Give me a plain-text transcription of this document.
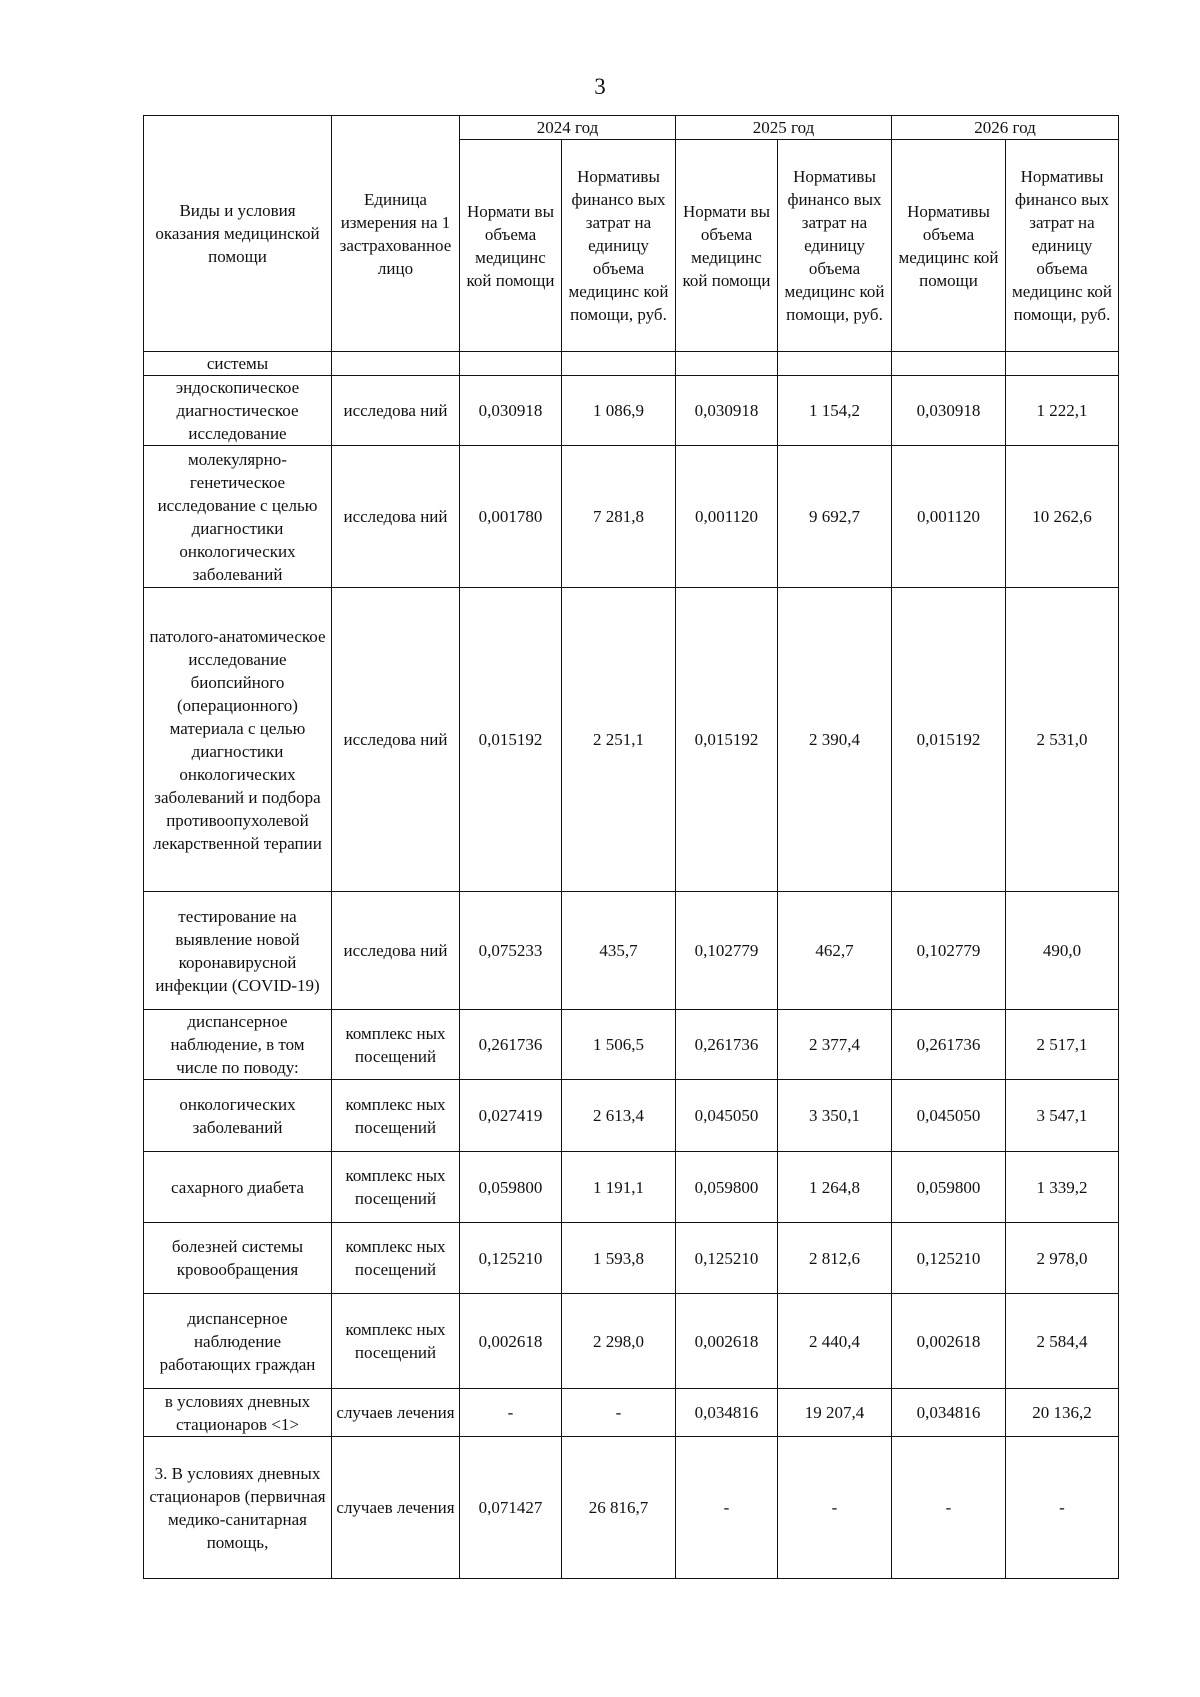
3
Виды и условия оказания медицинской помощи	Единица измерения на 1 застрахованное лицо	2024 год		2025 год		2026 год	
		Нормати вы объема медицинс кой помощи	Нормативы финансо вых затрат на единицу объема медицинс кой помощи, руб.	Нормати вы объема медицинс кой помощи	Нормативы финансо вых затрат на единицу объема медицинс кой помощи, руб.	Нормативы объема медицинс кой помощи	Нормативы финансо вых затрат на единицу объема медицинс кой помощи, руб.
системы							
эндоскопическое диагностическое исследование	исследова ний	0,030918	1 086,9	0,030918	1 154,2	0,030918	1 222,1
молекулярно-генетическое исследование с целью диагностики онкологических заболеваний	исследова ний	0,001780	7 281,8	0,001120	9 692,7	0,001120	10 262,6
патолого-анатомическое исследование биопсийного (операционного) материала с целью диагностики онкологических заболеваний и подбора противоопухолевой лекарственной терапии	исследова ний	0,015192	2 251,1	0,015192	2 390,4	0,015192	2 531,0
тестирование на выявление новой коронавирусной инфекции (COVID-19)	исследова ний	0,075233	435,7	0,102779	462,7	0,102779	490,0
диспансерное наблюдение, в том числе по поводу:	комплекс ных посещений	0,261736	1 506,5	0,261736	2 377,4	0,261736	2 517,1
онкологических заболеваний	комплекс ных посещений	0,027419	2 613,4	0,045050	3 350,1	0,045050	3 547,1
сахарного диабета	комплекс ных посещений	0,059800	1 191,1	0,059800	1 264,8	0,059800	1 339,2
болезней системы кровообращения	комплекс ных посещений	0,125210	1 593,8	0,125210	2 812,6	0,125210	2 978,0
диспансерное наблюдение работающих граждан	комплекс ных посещений	0,002618	2 298,0	0,002618	2 440,4	0,002618	2 584,4
в условиях дневных стационаров <1>	случаев лечения	-	-	0,034816	19 207,4	0,034816	20 136,2
3. В условиях дневных стационаров (первичная медико-санитарная помощь,	случаев лечения	0,071427	26 816,7	-	-	-	-
